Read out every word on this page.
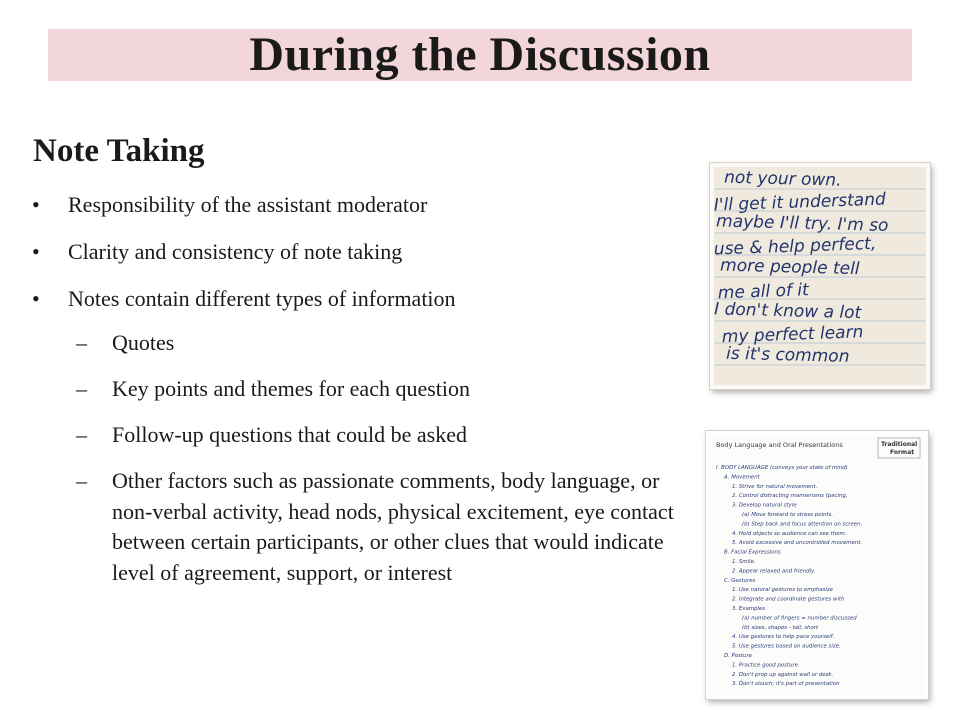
During the Discussion
Note Taking
• Responsibility of the assistant moderator
• Clarity and consistency of note taking
• Notes contain different types of information
– Quotes
– Key points and themes for each question
– Follow-up questions that could be asked
– Other factors such as passionate comments, body language, or non-verbal activity, head nods, physical excitement, eye contact between certain participants, or other clues that would indicate level of agreement, support, or interest
not your own.
I'll get it understand
maybe I'll try. I'm so
use & help perfect,
more people tell
me all of it
I don't know a lot
my perfect learn
is it's common
Body Language and Oral Presentations	Traditional
Format
I. BODY LANGUAGE (conveys your state of mind)
A. Movement
1. Strive for natural movement.
2. Control distracting mannerisms (pacing,
3. Develop natural style
(a) Move forward to stress points.
(b) Step back and focus attention on screen.
4. Hold objects so audience can see them.
5. Avoid excessive and uncontrolled movement.
B. Facial Expressions
1. Smile.
2. Appear relaxed and friendly.
C. Gestures
1. Use natural gestures to emphasize
2. Integrate and coordinate gestures with
3. Examples
(a) number of fingers = number discussed
(b) sizes, shapes - tall, short
4. Use gestures to help pace yourself.
5. Use gestures based on audience size.
D. Posture
1. Practice good posture.
2. Don't prop up against wall or desk.
3. Don't slouch; it's part of presentation
